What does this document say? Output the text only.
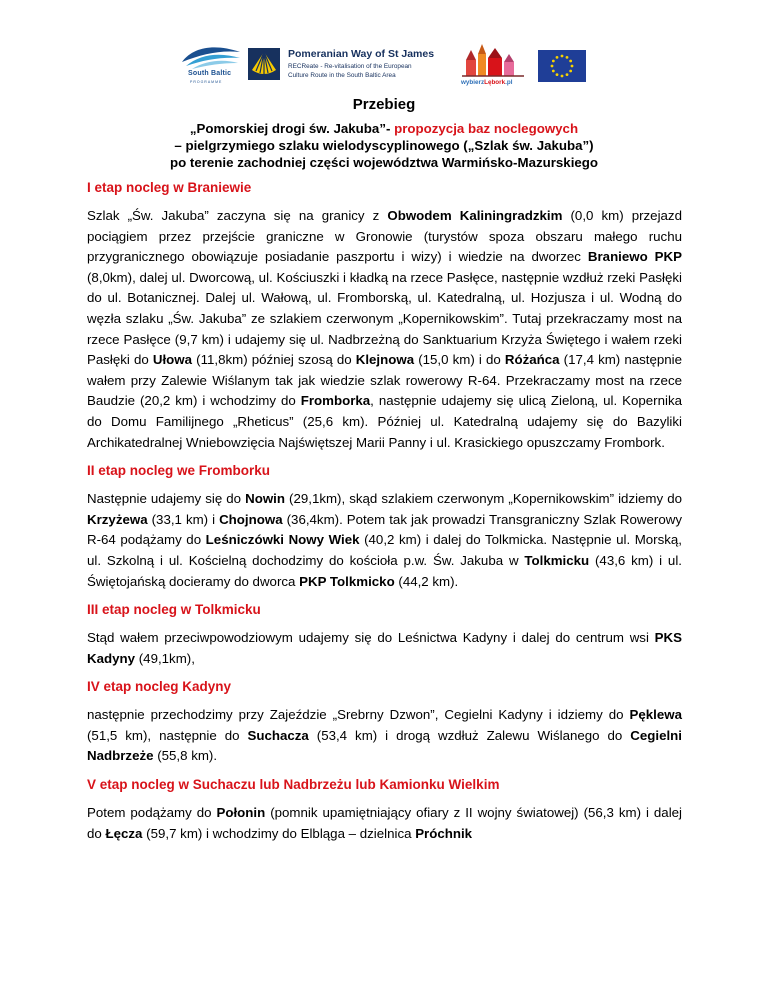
South Baltic
PROGRAMME
Pomeranian Way of St James
RECReate - Re-vitalisation of the European
Culture Route in the South Baltic Area
wybierzLębork.pl
Przebieg
„Pomorskiej drogi św. Jakuba”- propozycja baz noclegowych
– pielgrzymiego szlaku wielodyscyplinowego („Szlak św. Jakuba”)
po terenie zachodniej części województwa Warmińsko-Mazurskiego
I etap nocleg w Braniewie
Szlak „Św. Jakuba” zaczyna się na granicy z Obwodem Kaliningradzkim (0,0 km) przejazd pociągiem przez przejście graniczne w Gronowie (turystów spoza obszaru małego ruchu przygranicznego obowiązuje posiadanie paszportu i wizy) i wiedzie na dworzec Braniewo PKP (8,0km), dalej ul. Dworcową, ul. Kościuszki i kładką na rzece Pasłęce, następnie wzdłuż rzeki Pasłęki do ul. Botanicznej. Dalej ul. Wałową, ul. Fromborską, ul. Katedralną, ul. Hozjusza i ul. Wodną do węzła szlaku „Św. Jakuba” ze szlakiem czerwonym „Kopernikowskim”. Tutaj przekraczamy most na rzece Pasłęce (9,7 km) i udajemy się ul. Nadbrzeżną do Sanktuarium Krzyża Świętego i wałem rzeki Pasłęki do Ułowa (11,8km) później szosą do Klejnowa (15,0 km) i do Różańca (17,4 km) następnie wałem przy Zalewie Wiślanym tak jak wiedzie szlak rowerowy R-64. Przekraczamy most na rzece Baudzie (20,2 km) i wchodzimy do Fromborka, następnie udajemy się ulicą Zieloną, ul. Kopernika do Domu Familijnego „Rheticus” (25,6 km). Później ul. Katedralną udajemy się do Bazyliki Archikatedralnej Wniebowzięcia Najświętszej Marii Panny i ul. Krasickiego opuszczamy Frombork.
II etap nocleg we Fromborku
Następnie udajemy się do Nowin (29,1km), skąd szlakiem czerwonym „Kopernikowskim” idziemy do Krzyżewa (33,1 km) i Chojnowa (36,4km). Potem tak jak prowadzi Transgraniczny Szlak Rowerowy R-64 podążamy do Leśniczówki Nowy Wiek (40,2 km) i dalej do Tolkmicka. Następnie ul. Morską, ul. Szkolną i ul. Kościelną dochodzimy do kościoła p.w. Św. Jakuba w Tolkmicku (43,6 km) i ul. Świętojańską docieramy do dworca PKP Tolkmicko (44,2 km).
III etap nocleg w Tolkmicku
Stąd wałem przeciwpowodziowym udajemy się do Leśnictwa Kadyny i dalej do centrum wsi PKS Kadyny (49,1km),
IV etap nocleg Kadyny
następnie przechodzimy przy Zajeździe „Srebrny Dzwon”, Cegielni Kadyny i idziemy do Pęklewa (51,5 km), następnie do Suchacza (53,4 km) i drogą wzdłuż Zalewu Wiślanego do Cegielni Nadbrzeże (55,8 km).
V etap nocleg w Suchaczu lub Nadbrzeżu lub Kamionku Wielkim
Potem podążamy do Połonin (pomnik upamiętniający ofiary z II wojny światowej) (56,3 km) i dalej do Łęcza (59,7 km) i wchodzimy do Elbląga – dzielnica Próchnik
